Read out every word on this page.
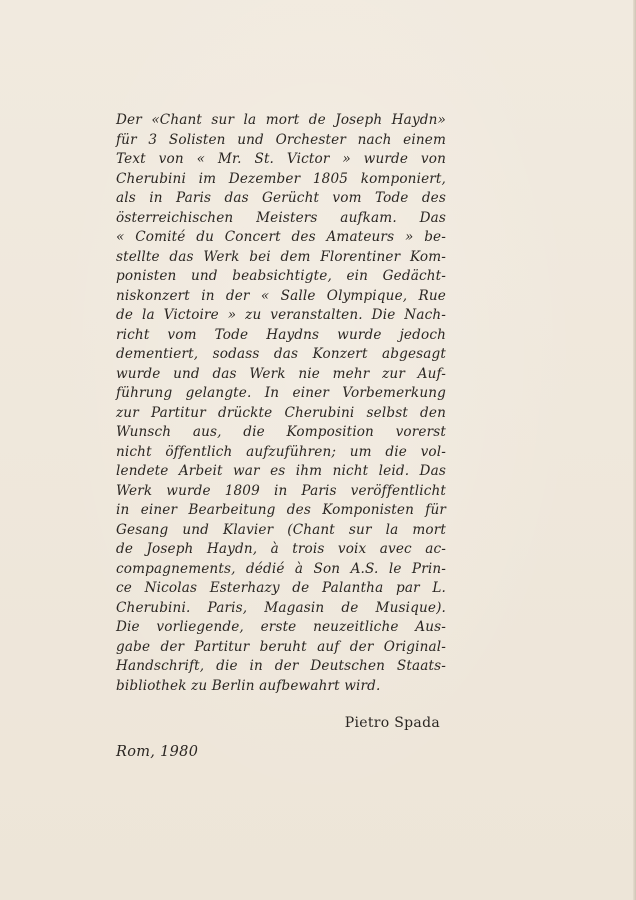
Der «Chant sur la mort de Joseph Haydn»
für 3 Solisten und Orchester nach einem
Text von « Mr. St. Victor » wurde von
Cherubini im Dezember 1805 komponiert,
als in Paris das Gerücht vom Tode des
österreichischen Meisters aufkam. Das
« Comité du Concert des Amateurs » be-
stellte das Werk bei dem Florentiner Kom-
ponisten und beabsichtigte, ein Gedächt-
niskonzert in der « Salle Olympique, Rue
de la Victoire » zu veranstalten. Die Nach-
richt vom Tode Haydns wurde jedoch
dementiert, sodass das Konzert abgesagt
wurde und das Werk nie mehr zur Auf-
führung gelangte. In einer Vorbemerkung
zur Partitur drückte Cherubini selbst den
Wunsch aus, die Komposition vorerst
nicht öffentlich aufzuführen; um die vol-
lendete Arbeit war es ihm nicht leid. Das
Werk wurde 1809 in Paris veröffentlicht
in einer Bearbeitung des Komponisten für
Gesang und Klavier (Chant sur la mort
de Joseph Haydn, à trois voix avec ac-
compagnements, dédié à Son A.S. le Prin-
ce Nicolas Esterhazy de Palantha par L.
Cherubini. Paris, Magasin de Musique).
Die vorliegende, erste neuzeitliche Aus-
gabe der Partitur beruht auf der Original-
Handschrift, die in der Deutschen Staats-
bibliothek zu Berlin aufbewahrt wird.

Pietro Spada

Rom, 1980
